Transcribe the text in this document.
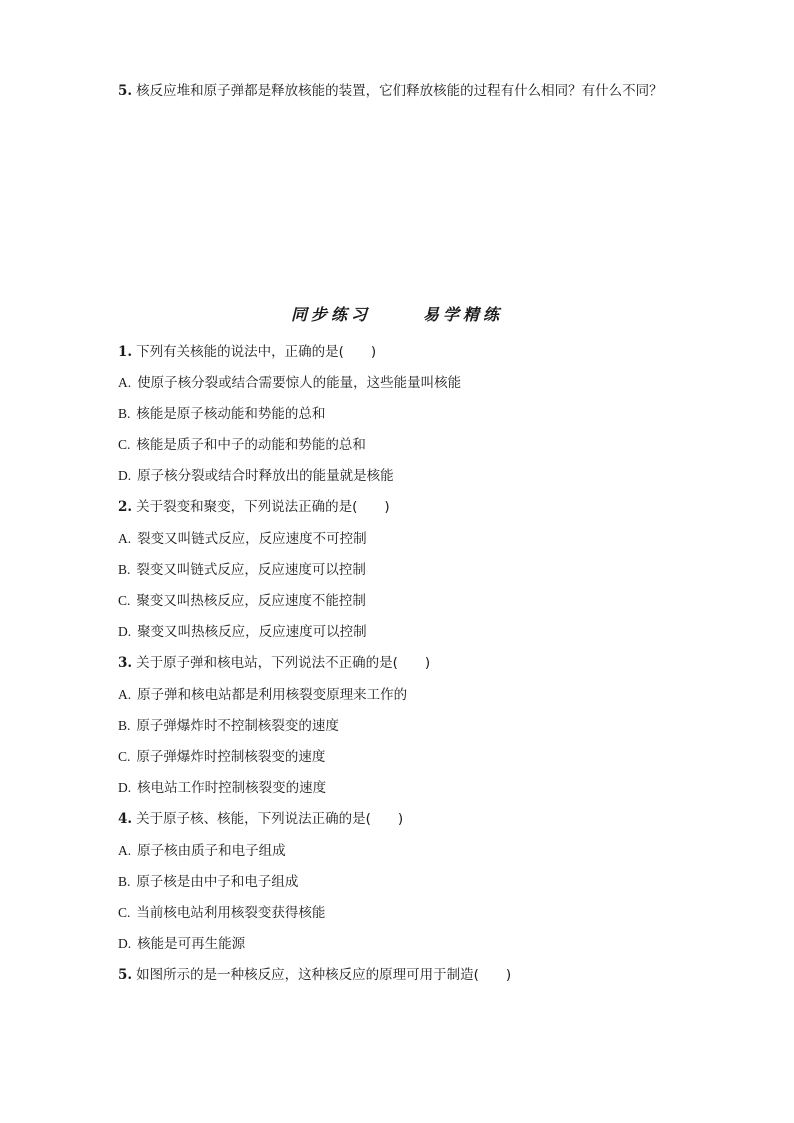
5. 核反应堆和原子弹都是释放核能的装置，它们释放核能的过程有什么相同？有什么不同？
同步练习	易学精练
1. 下列有关核能的说法中，正确的是(　　)
A. 使原子核分裂或结合需要惊人的能量，这些能量叫核能
B. 核能是原子核动能和势能的总和
C. 核能是质子和中子的动能和势能的总和
D. 原子核分裂或结合时释放出的能量就是核能
2. 关于裂变和聚变，下列说法正确的是(　　)
A. 裂变又叫链式反应，反应速度不可控制
B. 裂变又叫链式反应，反应速度可以控制
C. 聚变又叫热核反应，反应速度不能控制
D. 聚变又叫热核反应，反应速度可以控制
3. 关于原子弹和核电站，下列说法不正确的是(　　)
A. 原子弹和核电站都是利用核裂变原理来工作的
B. 原子弹爆炸时不控制核裂变的速度
C. 原子弹爆炸时控制核裂变的速度
D. 核电站工作时控制核裂变的速度
4. 关于原子核、核能，下列说法正确的是(　　)
A. 原子核由质子和电子组成
B. 原子核是由中子和电子组成
C. 当前核电站利用核裂变获得核能
D. 核能是可再生能源
5. 如图所示的是一种核反应，这种核反应的原理可用于制造(　　)
